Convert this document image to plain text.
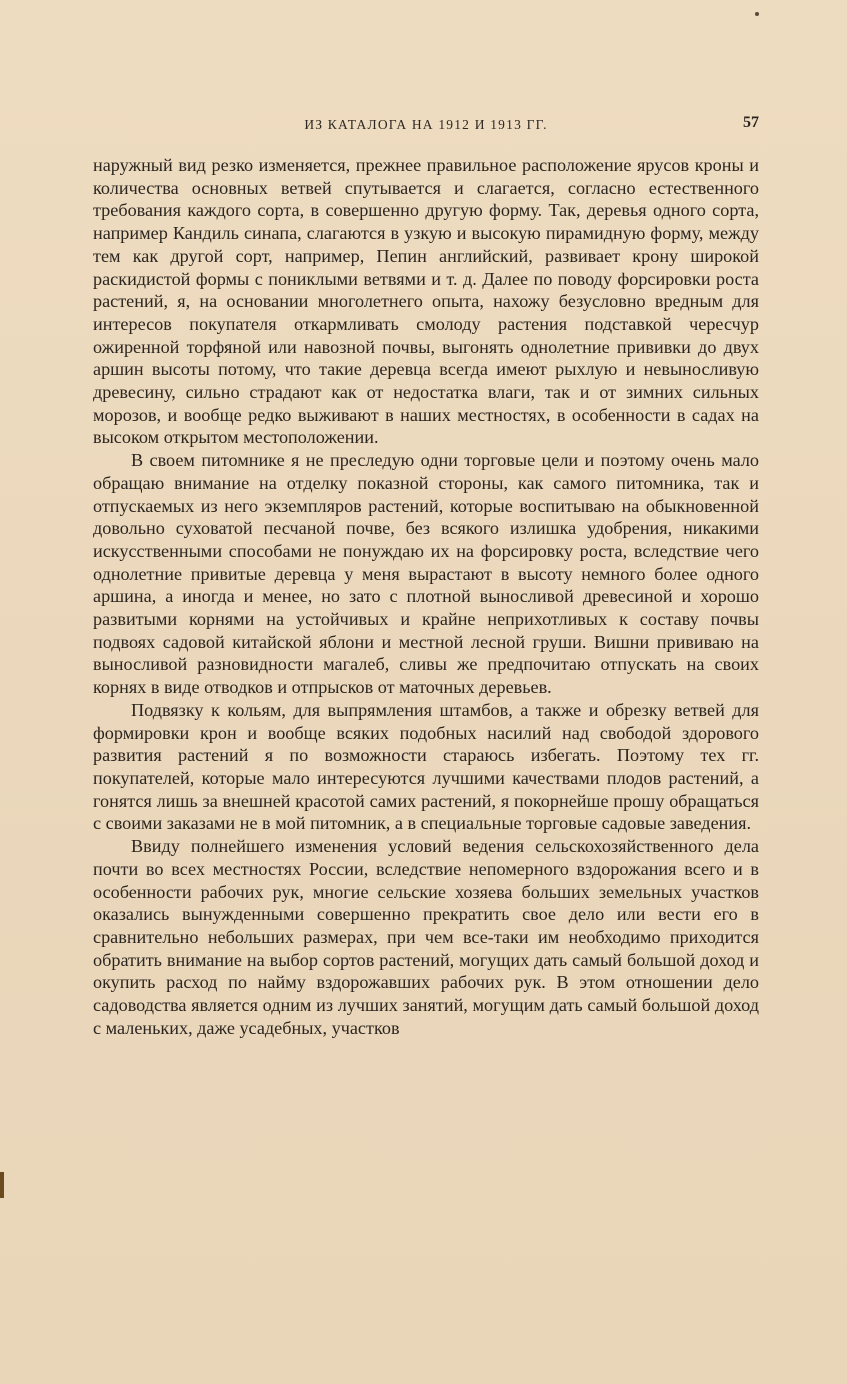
ИЗ КАТАЛОГА НА 1912 И 1913 ГГ.	57

наружный вид резко изменяется, прежнее правильное расположение ярусов кроны и количества основных ветвей спутывается и слагается, согласно естественного требования каждого сорта, в совершенно другую форму. Так, деревья одного сорта, например Кандиль синапа, слагаются в узкую и высокую пирамидную форму, между тем как другой сорт, например, Пепин английский, развивает крону широкой раскидистой формы с пониклыми ветвями и т. д. Далее по поводу форсировки роста растений, я, на основании многолетнего опыта, нахожу безусловно вредным для интересов покупателя откармливать смолоду растения подставкой чересчур ожиренной торфяной или навозной почвы, выгонять однолетние прививки до двух аршин высоты потому, что такие деревца всегда имеют рыхлую и невыносливую древесину, сильно страдают как от недостатка влаги, так и от зимних сильных морозов, и вообще редко выживают в наших местностях, в особенности в садах на высоком открытом местоположении.

В своем питомнике я не преследую одни торговые цели и поэтому очень мало обращаю внимание на отделку показной стороны, как самого питомника, так и отпускаемых из него экземпляров растений, которые воспитываю на обыкновенной довольно суховатой песчаной почве, без всякого излишка удобрения, никакими искусственными способами не понуждаю их на форсировку роста, вследствие чего однолетние привитые деревца у меня вырастают в высоту немного более одного аршина, а иногда и менее, но зато с плотной выносливой древесиной и хорошо развитыми корнями на устойчивых и крайне неприхотливых к составу почвы подвоях садовой китайской яблони и местной лесной груши. Вишни прививаю на выносливой разновидности магалеб, сливы же предпочитаю отпускать на своих корнях в виде отводков и отпрысков от маточных деревьев.

Подвязку к кольям, для выпрямления штамбов, а также и обрезку ветвей для формировки крон и вообще всяких подобных насилий над свободой здорового развития растений я по возможности стараюсь избегать. Поэтому тех гг. покупателей, которые мало интересуются лучшими качествами плодов растений, а гонятся лишь за внешней красотой самих растений, я покорнейше прошу обращаться с своими заказами не в мой питомник, а в специальные торговые садовые заведения.

Ввиду полнейшего изменения условий ведения сельскохозяйственного дела почти во всех местностях России, вследствие непомерного вздорожания всего и в особенности рабочих рук, многие сельские хозяева больших земельных участков оказались вынужденными совершенно прекратить свое дело или вести его в сравнительно небольших размерах, при чем все-таки им необходимо приходится обратить внимание на выбор сортов растений, могущих дать самый большой доход и окупить расход по найму вздорожавших рабочих рук. В этом отношении дело садоводства является одним из лучших занятий, могущим дать самый большой доход с маленьких, даже усадебных, участков
